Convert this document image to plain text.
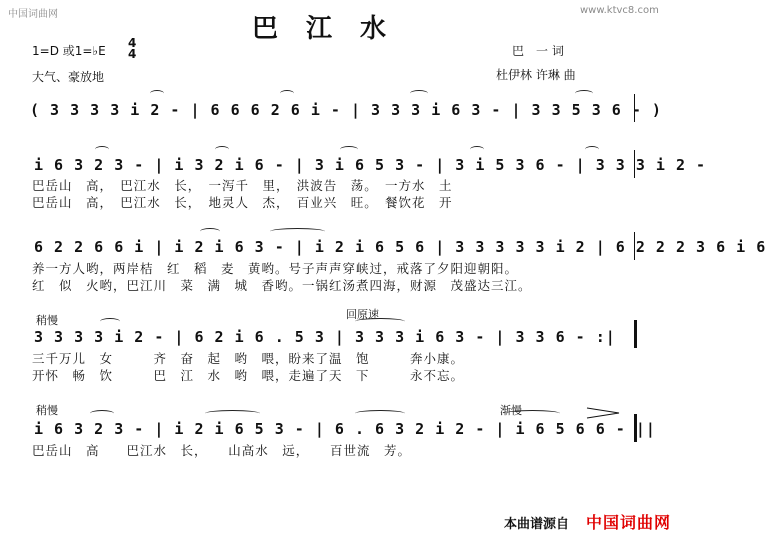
中国词曲网	www.ktvc8.com
巴江水
1=D 或1=♭E
4
4
大气、豪放地
巴　一 词
杜伊林 许琳 曲
( 3 3 3 3 i 2 - | 6 6 6 2 6 i - | 3 3 3 i 6 3 - | 3 3 5 3 6 - )
i 6 3 2 3 - | i 3 2 i 6 - | 3 i 6 5 3 - | 3 i 5 3 6 - | 3 3 3 i 2 -
巴岳山　高，　巴江水　长，　一泻千　里，　洪波告　荡。　一方水　土
巴岳山　高，　巴江水　长，　地灵人　杰，　百业兴　旺。　餐饮花　开
6 2 2 6 6 i | i 2 i 6 3 - | i 2 i 6 5 6 | 3 3 3 3 3 i 2 | 6 2 2 2 3 6 i 6
养一方人哟，两岸桔　红　稻　麦　黄哟。号子声声穿峡过，戒落了夕阳迎朝阳。
红　似　火哟，巴江川　菜　满　城　香哟。一锅红汤煮四海，财源　茂盛达三江。
稍慢	回原速
3 3 3 3 i 2 - | 6 2 i 6 . 5 3 | 3 3 3 i 6 3 - | 3 3 6 - :|
三千万儿　女　　　齐　奋　起　哟　喂，盼来了温　饱　　　奔小康。
开怀　畅　饮　　　巴　江　水　哟　喂，走遍了天　下　　　永不忘。
稍慢	渐慢
i 6 3 2 3 - | i 2 i 6 5 3 - | 6 . 6 3 2 i 2 - | i 6 5 6 6 - ||
巴岳山　高　　巴江水　长，　　山高水　远，　　百世流　芳。
本曲谱源自 中国词曲网
